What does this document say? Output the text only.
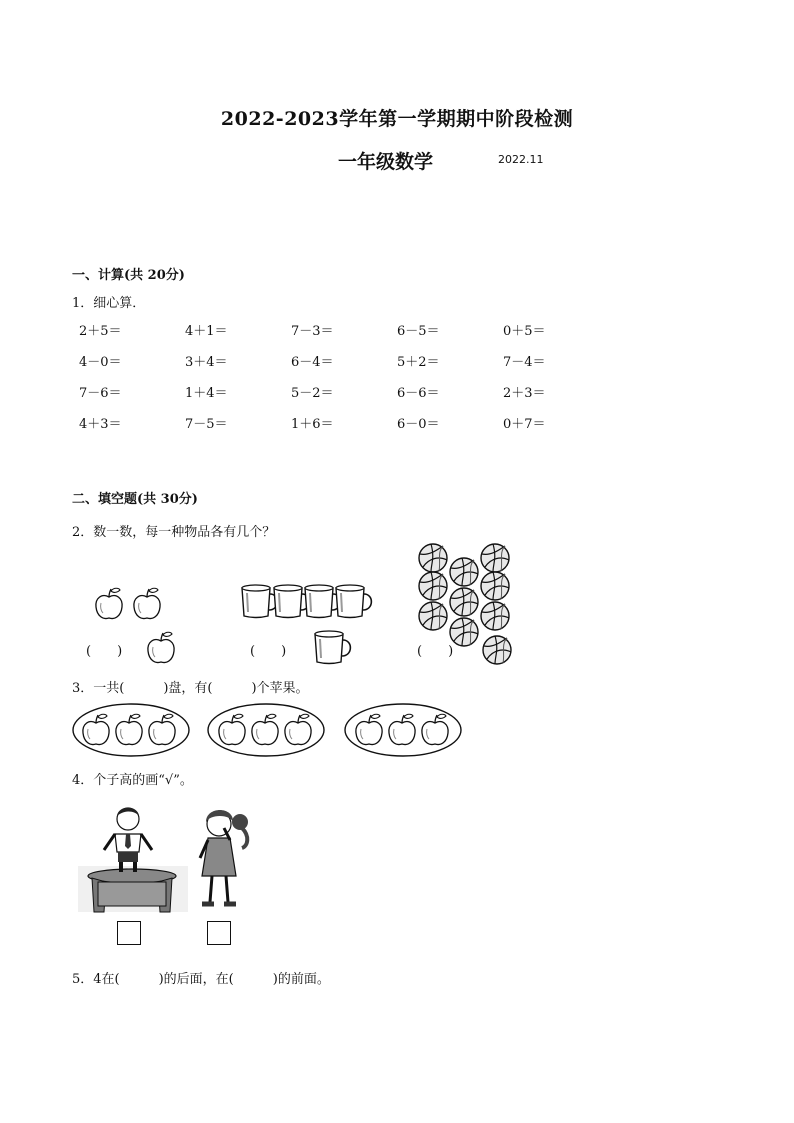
2022-2023学年第一学期期中阶段检测
一年级数学	2022.11
一、计算(共 20分)
1．细心算．
2＋5＝	4＋1＝	7－3＝	6－5＝	0＋5＝
4－0＝	3＋4＝	6－4＝	5＋2＝	7－4＝
7－6＝	1＋4＝	5－2＝	6－6＝	2＋3＝
4＋3＝	7－5＝	1＋6＝	6－0＝	0＋7＝
二、填空题(共 30分)
2．数一数，每一种物品各有几个？
(　　)	(　　)	(　　)
3．一共(　　　)盘，有(　　　)个苹果。
4．个子高的画“√”。
5．4在(　　　)的后面，在(　　　)的前面。
